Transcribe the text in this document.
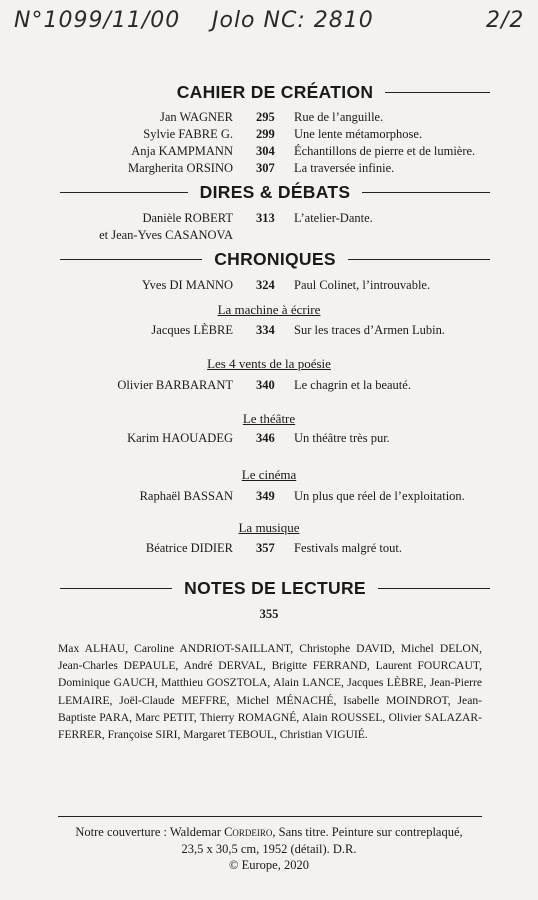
N°1099/11/00 Jolo NC: 2810	2/2
CAHIER DE CRÉATION
Jan WAGNER 295	Rue de l’anguille.
Sylvie FABRE G. 299	Une lente métamorphose.
Anja KAMPMANN 304	Échantillons de pierre et de lumière.
Margherita ORSINO 307	La traversée infinie.
DIRES & DÉBATS
Danièle ROBERT 313	L’atelier-Dante.
et Jean-Yves CASANOVA
CHRONIQUES
Yves DI MANNO 324	Paul Colinet, l’introuvable.
La machine à écrire
Jacques LÈBRE 334	Sur les traces d’Armen Lubin.
Les 4 vents de la poésie
Olivier BARBARANT 340	Le chagrin et la beauté.
Le théâtre
Karim HAOUADEG 346	Un théâtre très pur.
Le cinéma
Raphaël BASSAN 349	Un plus que réel de l’exploitation.
La musique
Béatrice DIDIER 357	Festivals malgré tout.
NOTES DE LECTURE
355
Max ALHAU, Caroline ANDRIOT-SAILLANT, Christophe DAVID, Michel DELON, Jean-Charles DEPAULE, André DERVAL, Brigitte FERRAND, Laurent FOURCAUT, Dominique GAUCH, Matthieu GOSZTOLA, Alain LANCE, Jacques LÈBRE, Jean-Pierre LEMAIRE, Joël-Claude MEFFRE, Michel MÉNACHÉ, Isabelle MOINDROT, Jean-Baptiste PARA, Marc PETIT, Thierry ROMAGNÉ, Alain ROUSSEL, Olivier SALAZAR- FERRER, Françoise SIRI, Margaret TEBOUL, Christian VIGUIÉ.
Notre couverture : Waldemar Cordeiro, Sans titre. Peinture sur contreplaqué,
23,5 x 30,5 cm, 1952 (détail). D.R.
© Europe, 2020
